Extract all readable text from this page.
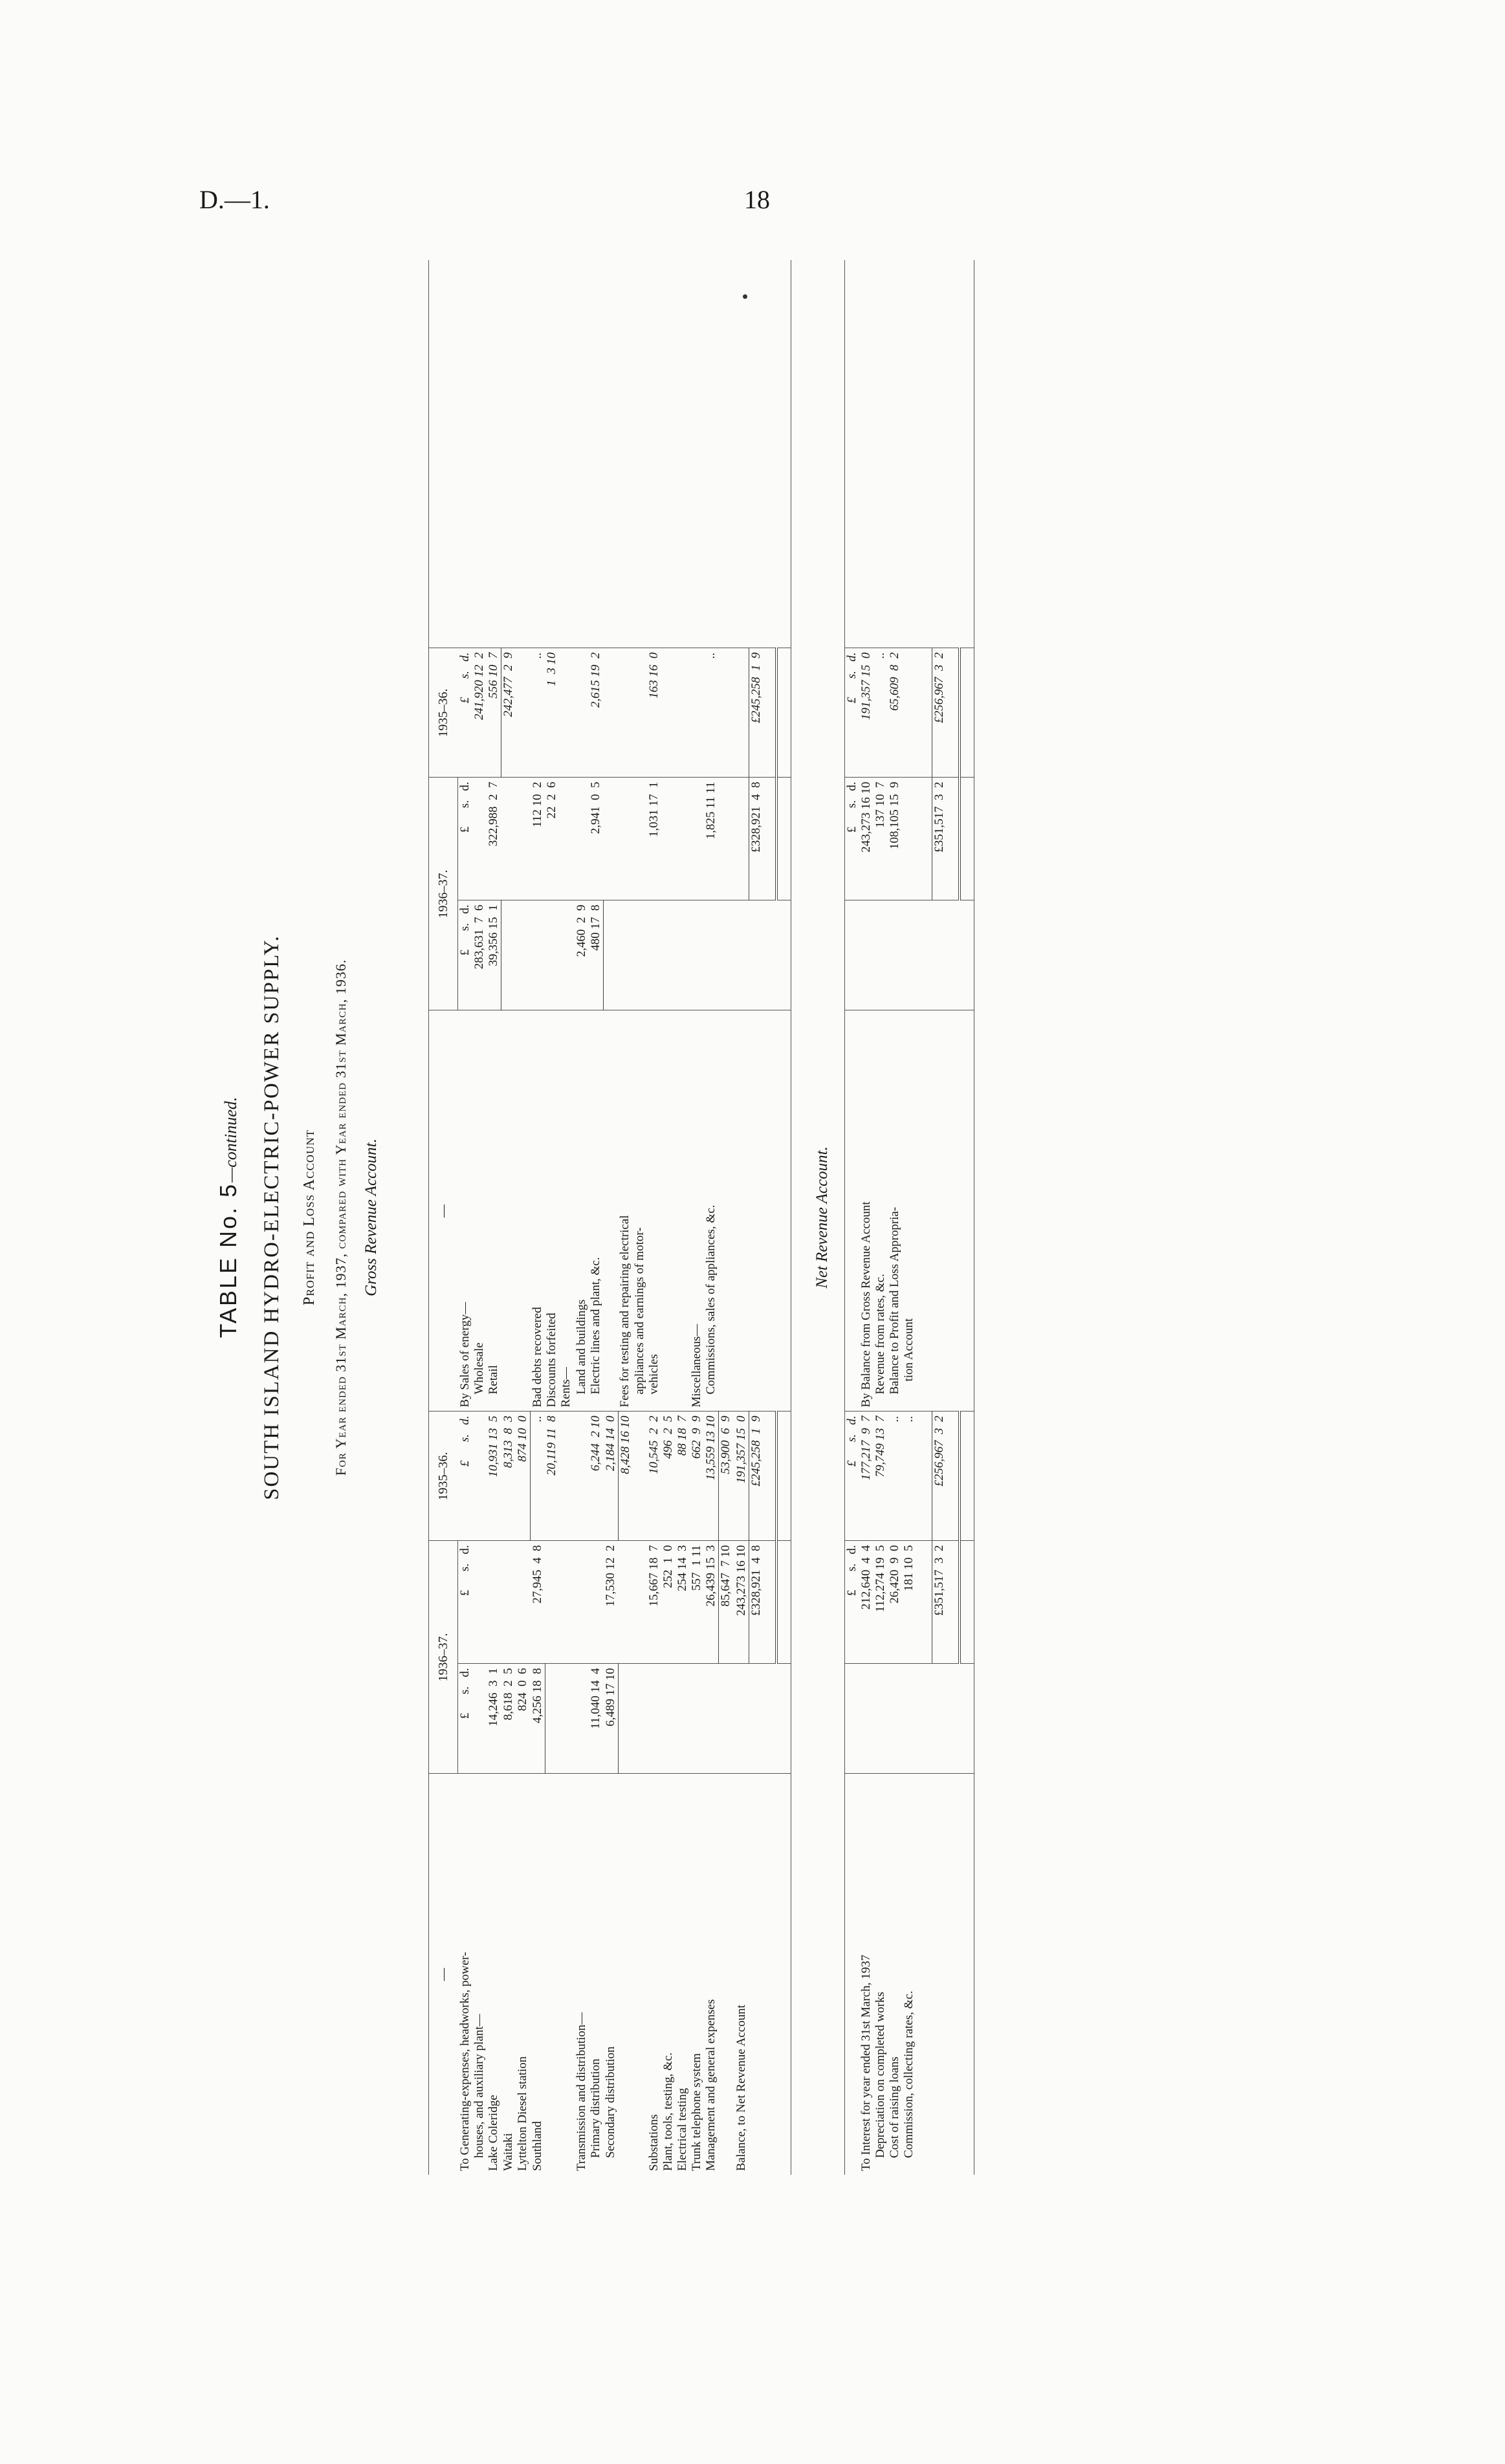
D.—1.	18
TABLE No. 5—continued. SOUTH ISLAND HYDRO-ELECTRIC-POWER SUPPLY. Profit and Loss Account For Year ended 31st March, 1937, compared with Year ended 31st March, 1936. Gross Revenue Account.
—	1936–37.		1935–36.	—	1936–37.		1935–36.	

To Generating-expenses, headworks, power-	£      s.   d.	£      s.   d.	£      s.   d.	By Sales of energy—	£      s.   d.	£      s.   d.	£      s.   d.	
houses, and auxiliary plant—				Wholesale	283,631  7  6		241,920 12  2	
Lake Coleridge	14,246  3  1		10,931 13  5	Retail	39,356 15  1	322,988  2  7	556 10  7	
Waitaki	8,618  2  5		8,313  8  3				242,477  2  9	
Lyttelton Diesel station	824  0  6		874 10  0					
Southland	4,256 18  8	27,945  4  8	..	Bad debts recovered		112 10  2	..	
			20,119 11  8	Discounts forfeited		22  2  6	1  3 10	
				Rents—				
Transmission and distribution—				Land and buildings	2,460  2  9			
Primary distribution	11,040 14  4		6,244  2 10	Electric lines and plant, &c.	480 17  8	2,941  0  5	2,615 19  2	
Secondary distribution	6,489 17 10	17,530 12  2	2,184 14  0					
			8,428 16 10	Fees for testing and repairing electrical				
				appliances and earnings of motor-				
Substations		15,667 18  7	10,545  2  2	vehicles		1,031 17  1	163 16  0	
Plant, tools, testing, &c.		252  1  0	496  2  5					
Electrical testing		254 14  3	88 18  7					
Trunk telephone system		557  1 11	662  9  9	Miscellaneous—				
Management and general expenses		26,439 15  3	13,559 13 10	Commissions, sales of appliances, &c.		1,825 11 11	..	
		85,647  7 10	53,900  6  9					
Balance, to Net Revenue Account		243,273 16 10	191,357 15  0					
		£328,921  4  8	£245,258  1  9			£328,921  4  8	£245,258  1  9	

Net Revenue Account.
		£      s.   d.	£      s.   d.			£      s.   d.	£      s.   d.	
To Interest for year ended 31st March, 1937		212,640  4  4	177,217  9  7	By Balance from Gross Revenue Account		243,273 16 10	191,357 15  0	
Depreciation on completed works		112,274 19  5	79,749 13  7	Revenue from rates, &c.		137 10  7	..	
Cost of raising loans		26,420  9  0	..	Balance to Profit and Loss Appropria-		108,105 15  9	65,609  8  2	
Commission, collecting rates, &c.		181 10  5	..	tion Account				

		£351,517  3  2	£256,967  3  2			£351,517  3  2	£256,967  3  2	
